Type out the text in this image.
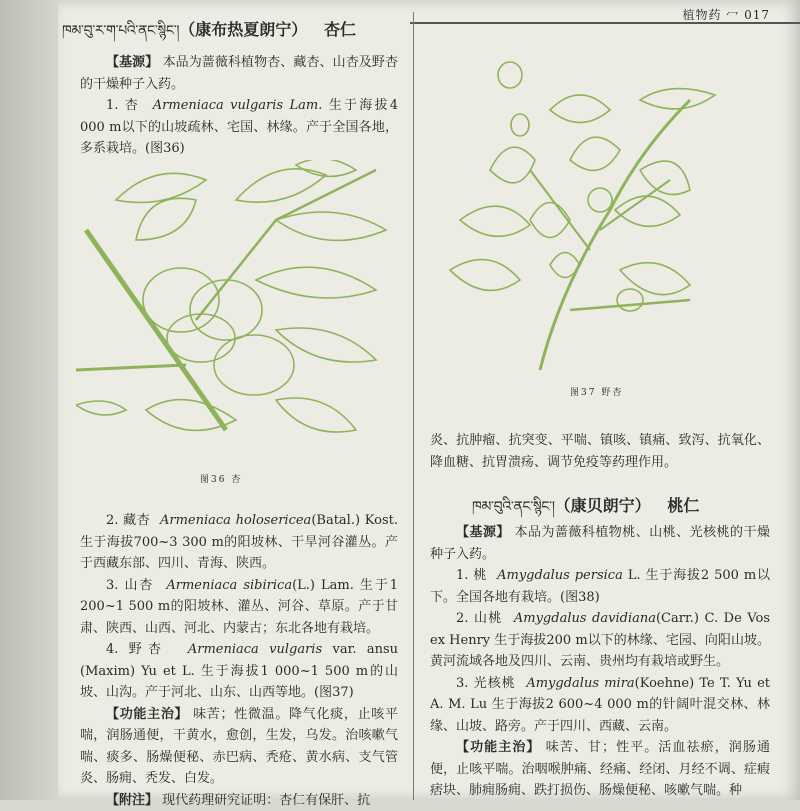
植物药 冖 017
ཁམ་བུ་ར་ག་པའི་ནང་སྙིང་།（康布热夏朗宁） 杏仁

【基源】 本品为蔷薇科植物杏、藏杏、山杏及野杏的干燥种子入药。

1. 杏 Armeniaca vulgaris Lam. 生于海拔4 000 m以下的山坡疏林、宅国、林缘。产于全国各地，多系栽培。(图36)

图36 杏

2. 藏杏 Armeniaca holosericea(Batal.) Kost. 生于海拔700~3 300 m的阳坡林、干旱河谷灌丛。产于西藏东部、四川、青海、陕西。

3. 山杏 Armeniaca sibirica(L.) Lam. 生于1 200~1 500 m的阳坡林、灌丛、河谷、草原。产于甘肃、陕西、山西、河北、内蒙古；东北各地有栽培。

4. 野杏 Armeniaca vulgaris var. ansu (Maxim) Yu et L. 生于海拔1 000~1 500 m的山坡、山沟。产于河北、山东、山西等地。(图37)

【功能主治】 味苦；性微温。降气化痰，止咳平喘，润肠通便，干黄水，愈创，生发，乌发。治咳嗽气喘、痰多、肠燥便秘、赤巴病、秃疮、黄水病、支气管炎、肠痈、秃发、白发。

【附注】 现代药理研究证明：杏仁有保肝、抗

图37 野杏

炎、抗肿瘤、抗突变、平喘、镇咳、镇痛、致泻、抗氧化、降血糖、抗胃溃疡、调节免疫等药理作用。

ཁམ་བུའི་ནང་སྙིང་།（康贝朗宁） 桃仁

【基源】 本品为蔷薇科植物桃、山桃、光核桃的干燥种子入药。

1. 桃 Amygdalus persica L. 生于海拔2 500 m以下。全国各地有栽培。(图38)

2. 山桃 Amygdalus davidiana(Carr.) C. De Vos ex Henry 生于海拔200 m以下的林缘、宅园、向阳山坡。黄河流域各地及四川、云南、贵州均有栽培或野生。

3. 光核桃 Amygdalus mira(Koehne) Te T. Yu et A. M. Lu 生于海拔2 600~4 000 m的针阔叶混交林、林缘、山坡、路旁。产于四川、西藏、云南。

【功能主治】 味苦、甘；性平。活血祛瘀，润肠通便，止咳平喘。治咽喉肿痛、经痛、经闭、月经不调、症瘕痞块、肺痈肠痈、跌打损伤、肠燥便秘、咳嗽气喘。种
